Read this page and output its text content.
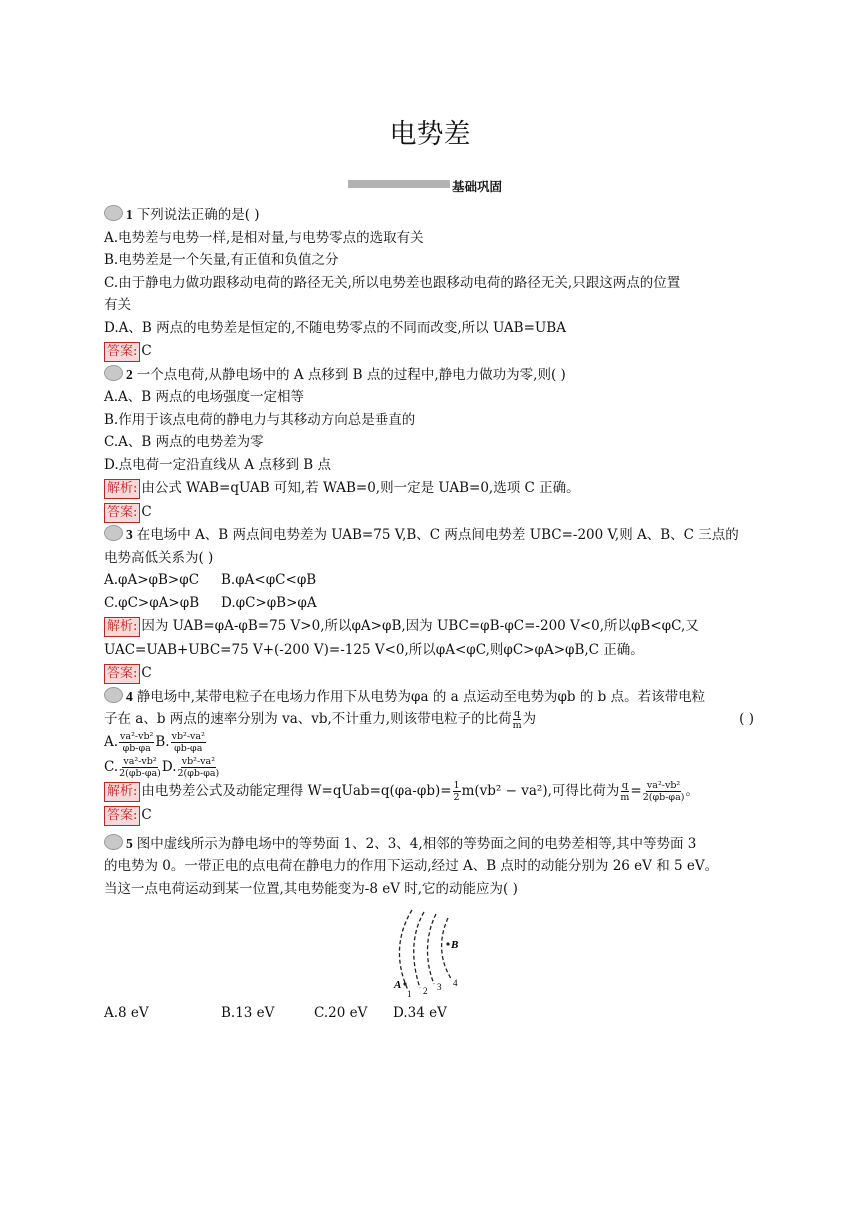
电势差
基础巩固
1 下列说法正确的是( )
A.电势差与电势一样,是相对量,与电势零点的选取有关
B.电势差是一个矢量,有正值和负值之分
C.由于静电力做功跟移动电荷的路径无关,所以电势差也跟移动电荷的路径无关,只跟这两点的位置
有关
D.A、B 两点的电势差是恒定的,不随电势零点的不同而改变,所以 UAB=UBA
答案: C
2 一个点电荷,从静电场中的 A 点移到 B 点的过程中,静电力做功为零,则( )
A.A、B 两点的电场强度一定相等
B.作用于该点电荷的静电力与其移动方向总是垂直的
C.A、B 两点的电势差为零
D.点电荷一定沿直线从 A 点移到 B 点
解析: 由公式 WAB=qUAB 可知,若 WAB=0,则一定是 UAB=0,选项 C 正确。
答案: C
3 在电场中 A、B 两点间电势差为 UAB=75 V,B、C 两点间电势差 UBC=-200 V,则 A、B、C 三点的
电势高低关系为( )
A.φA>φB>φC	B.φA<φC<φB
C.φC>φA>φB	D.φC>φB>φA
解析: 因为 UAB=φA-φB=75 V>0,所以φA>φB,因为 UBC=φB-φC=-200 V<0,所以φB<φC,又
UAC=UAB+UBC=75 V+(-200 V)=-125 V<0,所以φA<φC,则φC>φA>φB,C 正确。
答案: C
4 静电场中,某带电粒子在电场力作用下从电势为φa 的 a 点运动至电势为φb 的 b 点。若该带电粒
子在 a、b 两点的速率分别为 va、vb,不计重力,则该带电粒子的比荷 $\frac{q}{m}$ 为	( )
A. $\frac{\text{va²-vb²}}{\varphi b-\varphi a} B$. $\frac{\text{vb²-va²}}{\varphi b-\varphi a}$
C. $\frac{\text{va²-vb²}}{2(\varphi b-\varphi a)} D$. $\frac{\text{vb²-va²}}{2(\varphi b-\varphi a)}$
解析: 由电势差公式及动能定理得 W=qUab=q(φa-φb)= $\frac{1}{2} m(vb^2 - va^2)$,可得比荷为 $\frac{q}{m} = \frac{\text{va²-vb²}}{2(\varphi b-\varphi a)}$ 。
答案: C
5 图中虚线所示为静电场中的等势面 1、2、3、4,相邻的等势面之间的电势差相等,其中等势面 3
的电势为 0。一带正电的点电荷在静电力的作用下运动,经过 A、B 点时的动能分别为 26 eV 和 5 eV。
当这一点电荷运动到某一位置,其电势能变为-8 eV 时,它的动能应为( )
A
B
1 2 3 4
A.8 eV	B.13 eV	C.20 eV	D.34 eV
